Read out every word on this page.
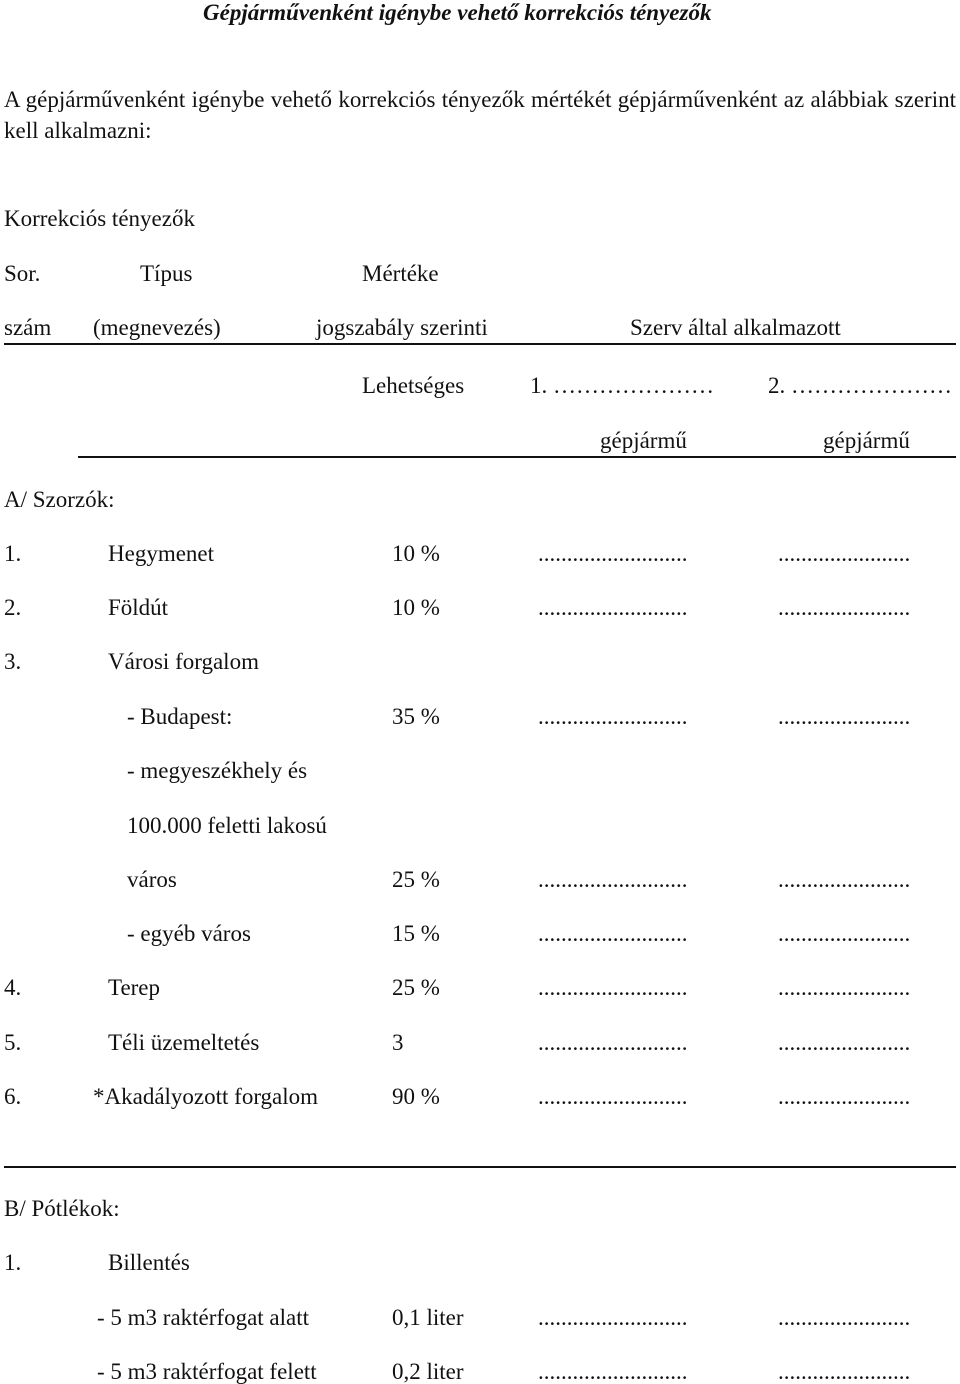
Gépjárművenként igénybe vehető korrekciós tényezők
A gépjárművenként igénybe vehető korrekciós tényezők mértékét gépjárművenként az alábbiak szerint kell alkalmazni:
Korrekciós tényezők
Sor.	Típus	Mértéke
szám (megnevezés)	jogszabály szerinti	Szerv által alkalmazott
Lehetséges	1. ………………… 2. …………………
gépjármű	gépjármű
A/ Szorzók:
1.	Hegymenet	10 %	..........................	.......................
2.	Földút	10 %	..........................	.......................
3.	Városi forgalom
- Budapest:	35 %	..........................	.......................
- megyeszékhely és
100.000 feletti lakosú
város	25 %	..........................	.......................
- egyéb város	15 %	..........................	.......................
4.	Terep	25 %	..........................	.......................
5.	Téli üzemeltetés	3	..........................	.......................
6.	*Akadályozott forgalom	90 %	..........................	.......................
B/ Pótlékok:
1.	Billentés
- 5 m3 raktérfogat alatt	0,1 liter	..........................	.......................
- 5 m3 raktérfogat felett	0,2 liter	..........................	.......................
